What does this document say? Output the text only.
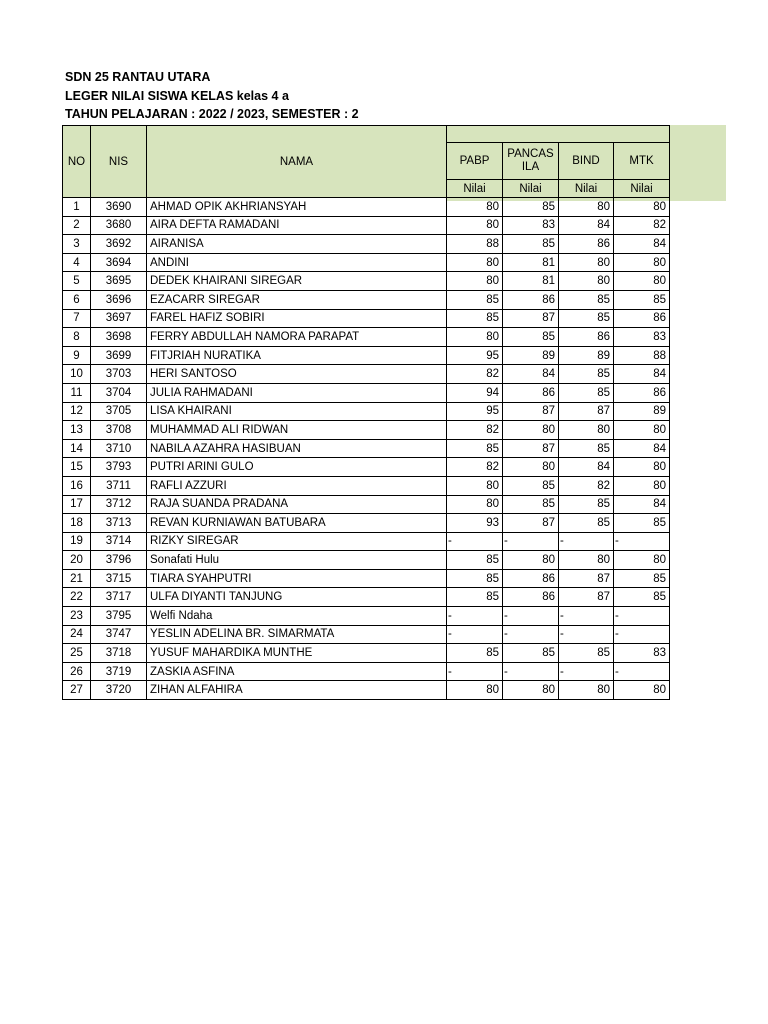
SDN 25 RANTAU UTARA
LEGER NILAI SISWA KELAS kelas 4 a
TAHUN PELAJARAN : 2022 / 2023, SEMESTER : 2
NO	NIS	NAMA				
			PABP	PANCASILA	BIND	MTK
			Nilai	Nilai	Nilai	Nilai
1	3690	AHMAD OPIK AKHRIANSYAH	80	85	80	80
2	3680	AIRA DEFTA RAMADANI	80	83	84	82
3	3692	AIRANISA	88	85	86	84
4	3694	ANDINI	80	81	80	80
5	3695	DEDEK KHAIRANI SIREGAR	80	81	80	80
6	3696	EZACARR SIREGAR	85	86	85	85
7	3697	FAREL HAFIZ SOBIRI	85	87	85	86
8	3698	FERRY ABDULLAH NAMORA PARAPAT	80	85	86	83
9	3699	FITJRIAH NURATIKA	95	89	89	88
10	3703	HERI SANTOSO	82	84	85	84
11	3704	JULIA RAHMADANI	94	86	85	86
12	3705	LISA KHAIRANI	95	87	87	89
13	3708	MUHAMMAD ALI RIDWAN	82	80	80	80
14	3710	NABILA AZAHRA HASIBUAN	85	87	85	84
15	3793	PUTRI ARINI GULO	82	80	84	80
16	3711	RAFLI AZZURI	80	85	82	80
17	3712	RAJA SUANDA PRADANA	80	85	85	84
18	3713	REVAN KURNIAWAN BATUBARA	93	87	85	85
19	3714	RIZKY SIREGAR	-	-	-	-
20	3796	Sonafati Hulu	85	80	80	80
21	3715	TIARA SYAHPUTRI	85	86	87	85
22	3717	ULFA DIYANTI TANJUNG	85	86	87	85
23	3795	Welfi Ndaha	-	-	-	-
24	3747	YESLIN ADELINA BR. SIMARMATA	-	-	-	-
25	3718	YUSUF MAHARDIKA MUNTHE	85	85	85	83
26	3719	ZASKIA ASFINA	-	-	-	-
27	3720	ZIHAN ALFAHIRA	80	80	80	80
